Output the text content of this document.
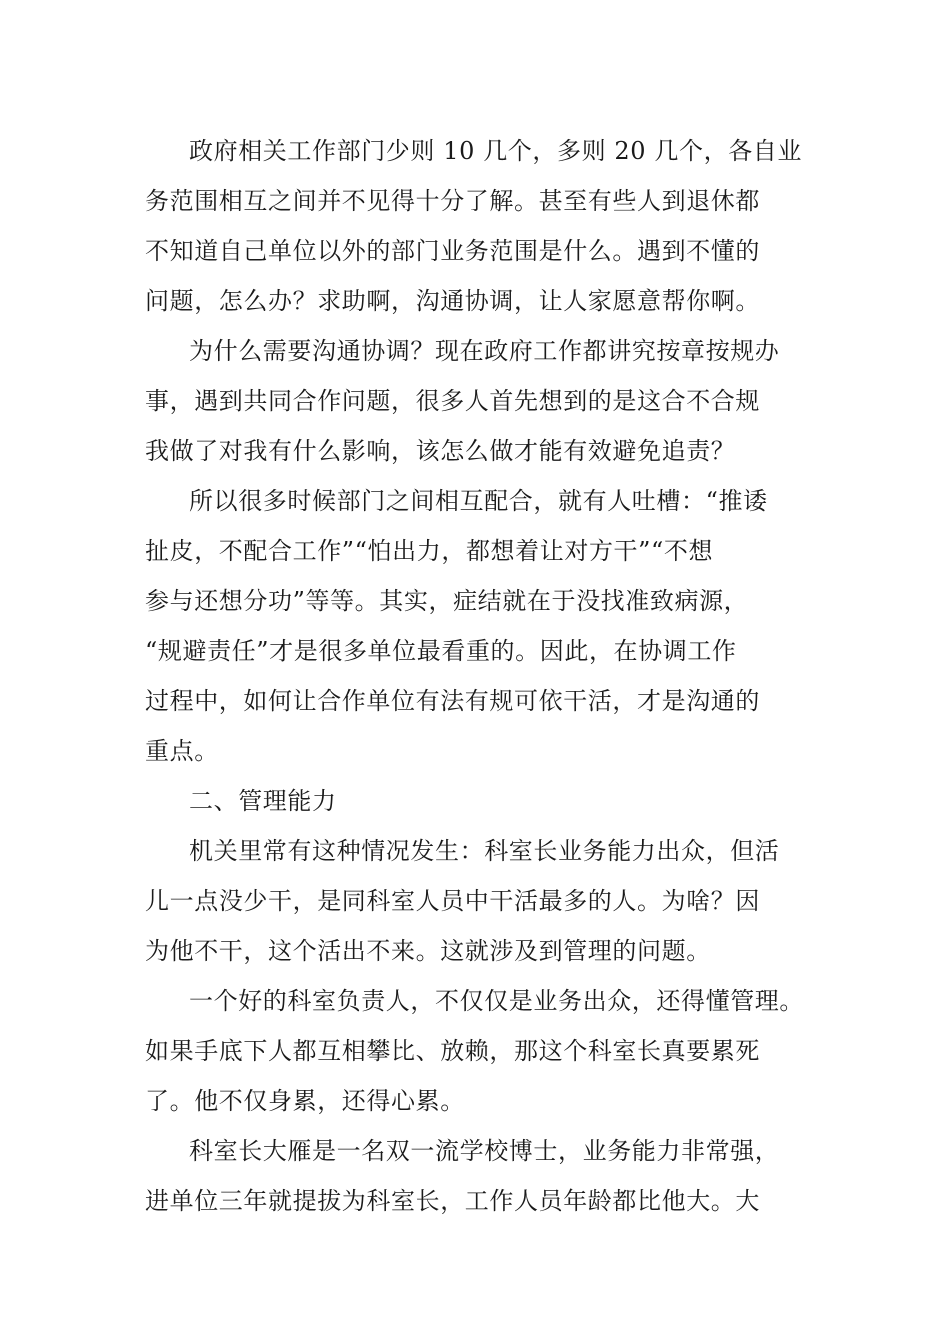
政府相关工作部门少则 10 几个，多则 20 几个，各自业
务范围相互之间并不见得十分了解。甚至有些人到退休都
不知道自己单位以外的部门业务范围是什么。遇到不懂的
问题，怎么办？求助啊，沟通协调，让人家愿意帮你啊。
为什么需要沟通协调？现在政府工作都讲究按章按规办
事，遇到共同合作问题，很多人首先想到的是这合不合规
我做了对我有什么影响，该怎么做才能有效避免追责？
所以很多时候部门之间相互配合，就有人吐槽：“推诿
扯皮，不配合工作”“怕出力，都想着让对方干”“不想
参与还想分功”等等。其实，症结就在于没找准致病源，
“规避责任”才是很多单位最看重的。因此，在协调工作
过程中，如何让合作单位有法有规可依干活，才是沟通的
重点。
二、管理能力
机关里常有这种情况发生：科室长业务能力出众，但活
儿一点没少干，是同科室人员中干活最多的人。为啥？因
为他不干，这个活出不来。这就涉及到管理的问题。
一个好的科室负责人，不仅仅是业务出众，还得懂管理。
如果手底下人都互相攀比、放赖，那这个科室长真要累死
了。他不仅身累，还得心累。
科室长大雁是一名双一流学校博士，业务能力非常强，
进单位三年就提拔为科室长，工作人员年龄都比他大。大
